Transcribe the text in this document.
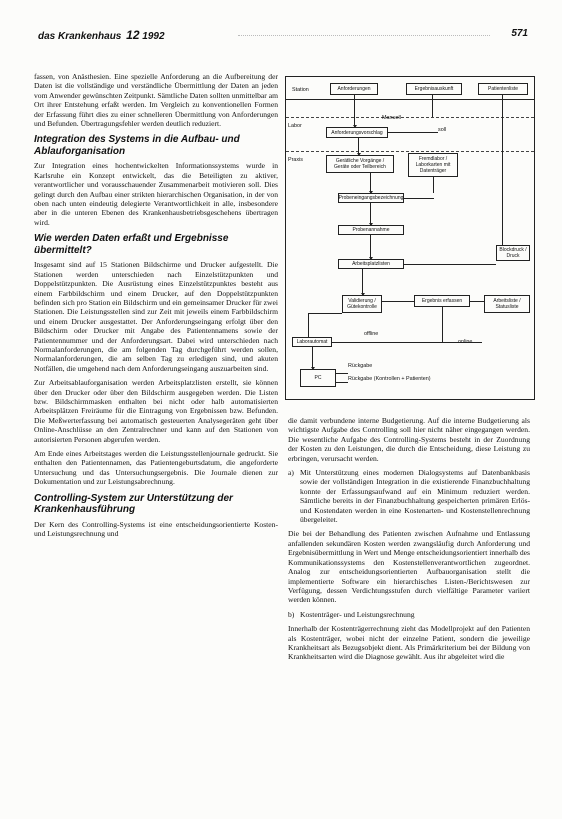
das Krankenhaus 12 1992	571

fassen, von Anästhesien. Eine spezielle Anforderung an die Aufbereitung der Daten ist die vollständige und verständliche Übermittlung der Daten an jeden vom Anwender gewünschten Zeitpunkt. Sämtliche Daten sollten unmittelbar am Ort ihrer Entstehung erfaßt werden. Im Vergleich zu konventionellen Formen der Erfassung führt dies zu einer schnelleren Übermittlung von Anforderungen und Befunden. Übertragungsfehler werden deutlich reduziert.

Integration des Systems in die Aufbau- und Ablauforganisation

Zur Integration eines hochentwickelten Informationssystems wurde in Karlsruhe ein Konzept entwickelt, das die Beteiligten zu aktiver, verantwortlicher und vorausschauender Zusammenarbeit motivieren soll. Dies gelingt durch den Aufbau einer strikten hierarchischen Organisation, in der von oben nach unten eindeutig delegierte Verantwortlichkeit in alle, insbesondere aber in die unteren Ebenen des Krankenhausbetriebsgeschehens übertragen wird.

Wie werden Daten erfaßt und Ergebnisse übermittelt?

Insgesamt sind auf 15 Stationen Bildschirme und Drucker aufgestellt. Die Stationen werden unterschieden nach Einzelstützpunkten und Doppelstützpunkten. Die Ausrüstung eines Einzelstützpunktes besteht aus einem Farbbildschirm und einem Drucker, auf den Doppelstützpunkten befinden sich pro Station ein Bildschirm und ein gemeinsamer Drucker für zwei Stationen. Die Leistungsstellen sind zur Zeit mit jeweils einem Farbbildschirm und einem Drucker ausgestattet. Der Anforderungseingang erfolgt über den Bildschirm oder Drucker mit Angabe des Patientennamens sowie der Patientennummer und der Anforderungsart. Dabei wird unterschieden nach Normalanforderungen, die am folgenden Tag durchgeführt werden sollen, Normalanforderungen, die am selben Tag zu erledigen sind, und akuten Notfällen, die umgehend nach dem Anforderungseingang auszuarbeiten sind.

Zur Arbeitsablauforganisation werden Arbeitsplatzlisten erstellt, sie können über den Drucker oder über den Bildschirm ausgegeben werden. Die Listen bzw. Bildschirmmasken enthalten bei nicht oder halb automatisierten Arbeitsplätzen Freiräume für die Eintragung von Ergebnissen bzw. Befunden. Die Meßwerterfassung bei automatisch gesteuerten Analysegeräten geht über Online-Anschlüsse an den Zentralrechner und kann auf den Stationen von autorisierten Personen abgerufen werden.

Am Ende eines Arbeitstages werden die Leistungsstellenjournale gedruckt. Sie enthalten den Patientennamen, das Patientengeburtsdatum, die angeforderte Untersuchung und das Untersuchungsergebnis. Die Journale dienen zur Dokumentation und zur Leistungsabrechnung.

Controlling-System zur Unterstützung der Krankenhausführung

Der Kern des Controlling-Systems ist eine entscheidungsorientierte Kosten- und Leistungsrechnung und

Station
Labor
Praxis
Anforderungen	Ergebnisauskunft	Patientenliste
Manuell
Anforderungsvorschlag	soll
Gerätliche Vorgänge / Geräte oder Teilbereich
Fremdlabor / Laborkarten mit Datenträger
Probeneingangsbezeichnung
Probenannahme
Arbeitsplatzlisten
Blockdruck / Druck
Validierung / Gütekontrolle
Ergebnis erfassen	Arbeitsliste / Statusliste
Laborautomat
offline
online
PC
Rückgabe
Rückgabe (Kontrollen + Patienten)

die damit verbundene interne Budgetierung. Auf die interne Budgetierung als wichtigste Aufgabe des Controlling soll hier nicht näher eingegangen werden. Die wesentliche Aufgabe des Controlling-Systems besteht in der Zuordnung der Kosten zu den Leistungen, die durch die Entscheidung, diese Leistung zu erbringen, verursacht werden.

a) Mit Unterstützung eines modernen Dialogsystems auf Datenbankbasis sowie der vollständigen Integration in die existierende Finanzbuchhaltung konnte der Erfassungsaufwand auf ein Minimum reduziert werden. Sämtliche bereits in der Finanzbuchhaltung gespeicherten primären Erlös- und Kostendaten werden in eine Kostenarten- und Kostenstellenrechnung übergeleitet.

Die bei der Behandlung des Patienten zwischen Aufnahme und Entlassung anfallenden sekundären Kosten werden zwangsläufig durch Anforderung und Ergebnisübermittlung in Wert und Menge entscheidungsorientiert innerhalb des Kommunikationssystems den Kostenstellenverantwortlichen zugeordnet. Analog zur entscheidungsorientierten Aufbauorganisation stellt die implementierte Software ein hierarchisches Listen-/Berichtswesen zur Verfügung, dessen Verdichtungsstufen durch vielfältige Parameter variiert werden können.

b) Kostenträger- und Leistungsrechnung

Innerhalb der Kostenträgerrechnung zieht das Modellprojekt auf den Patienten als Kostenträger, wobei nicht der einzelne Patient, sondern die jeweilige Krankheitsart als Bezugsobjekt dient. Als Primärkriterium bei der Bildung von Krankheitsarten wird die Diagnose gewählt. Aus ihr abgeleitet wird die
